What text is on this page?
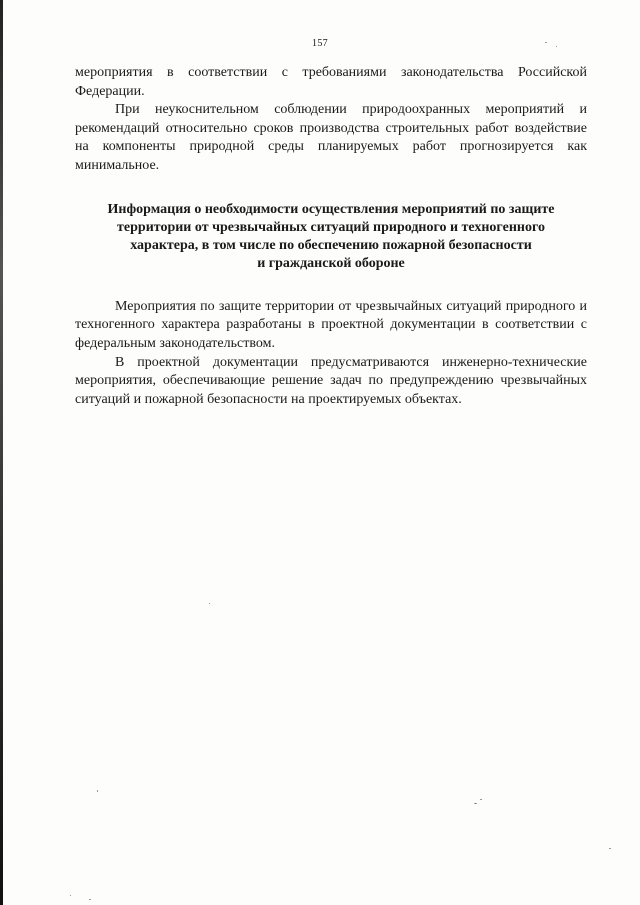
157

мероприятия в соответствии с требованиями законодательства Российской Федерации.

При неукоснительном соблюдении природоохранных мероприятий и рекомендаций относительно сроков производства строительных работ воздействие на компоненты природной среды планируемых работ прогнозируется как минимальное.

Информация о необходимости осуществления мероприятий по защите
территории от чрезвычайных ситуаций природного и техногенного
характера, в том числе по обеспечению пожарной безопасности
и гражданской обороне

Мероприятия по защите территории от чрезвычайных ситуаций природного и техногенного характера разработаны в проектной документации в соответствии с федеральным законодательством.

В проектной документации предусматриваются инженерно-технические мероприятия, обеспечивающие решение задач по предупреждению чрезвычайных ситуаций и пожарной безопасности на проектируемых объектах.
